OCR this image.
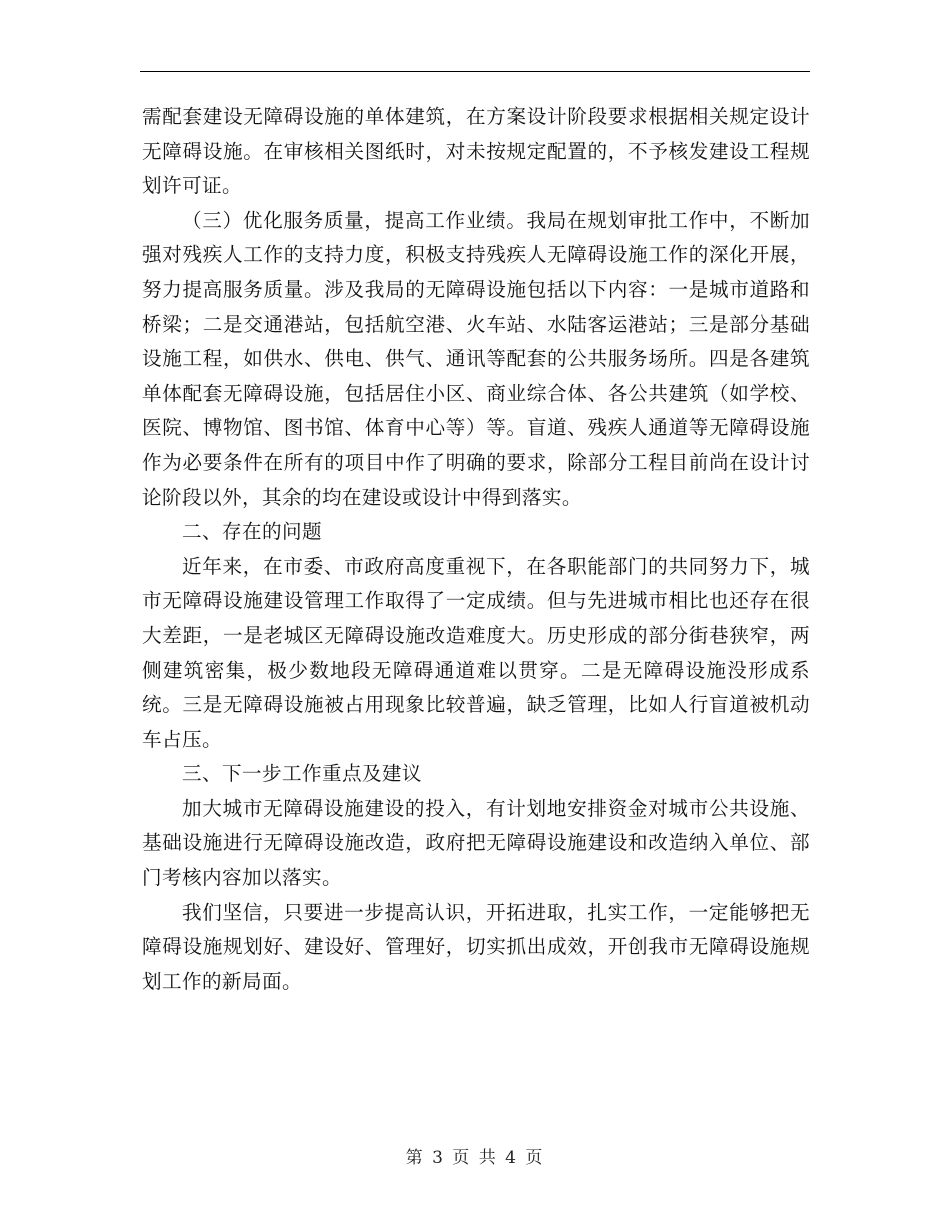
需配套建设无障碍设施的单体建筑，在方案设计阶段要求根据相关规定设计无障碍设施。在审核相关图纸时，对未按规定配置的，不予核发建设工程规划许可证。

（三）优化服务质量，提高工作业绩。我局在规划审批工作中，不断加强对残疾人工作的支持力度，积极支持残疾人无障碍设施工作的深化开展，努力提高服务质量。涉及我局的无障碍设施包括以下内容：一是城市道路和桥梁；二是交通港站，包括航空港、火车站、水陆客运港站；三是部分基础设施工程，如供水、供电、供气、通讯等配套的公共服务场所。四是各建筑单体配套无障碍设施，包括居住小区、商业综合体、各公共建筑（如学校、医院、博物馆、图书馆、体育中心等）等。盲道、残疾人通道等无障碍设施作为必要条件在所有的项目中作了明确的要求，除部分工程目前尚在设计讨论阶段以外，其余的均在建设或设计中得到落实。

二、存在的问题

近年来，在市委、市政府高度重视下，在各职能部门的共同努力下，城市无障碍设施建设管理工作取得了一定成绩。但与先进城市相比也还存在很大差距，一是老城区无障碍设施改造难度大。历史形成的部分街巷狭窄，两侧建筑密集，极少数地段无障碍通道难以贯穿。二是无障碍设施没形成系统。三是无障碍设施被占用现象比较普遍，缺乏管理，比如人行盲道被机动车占压。

三、下一步工作重点及建议

加大城市无障碍设施建设的投入，有计划地安排资金对城市公共设施、基础设施进行无障碍设施改造，政府把无障碍设施建设和改造纳入单位、部门考核内容加以落实。

我们坚信，只要进一步提高认识，开拓进取，扎实工作，一定能够把无障碍设施规划好、建设好、管理好，切实抓出成效，开创我市无障碍设施规划工作的新局面。

第 3 页 共 4 页
